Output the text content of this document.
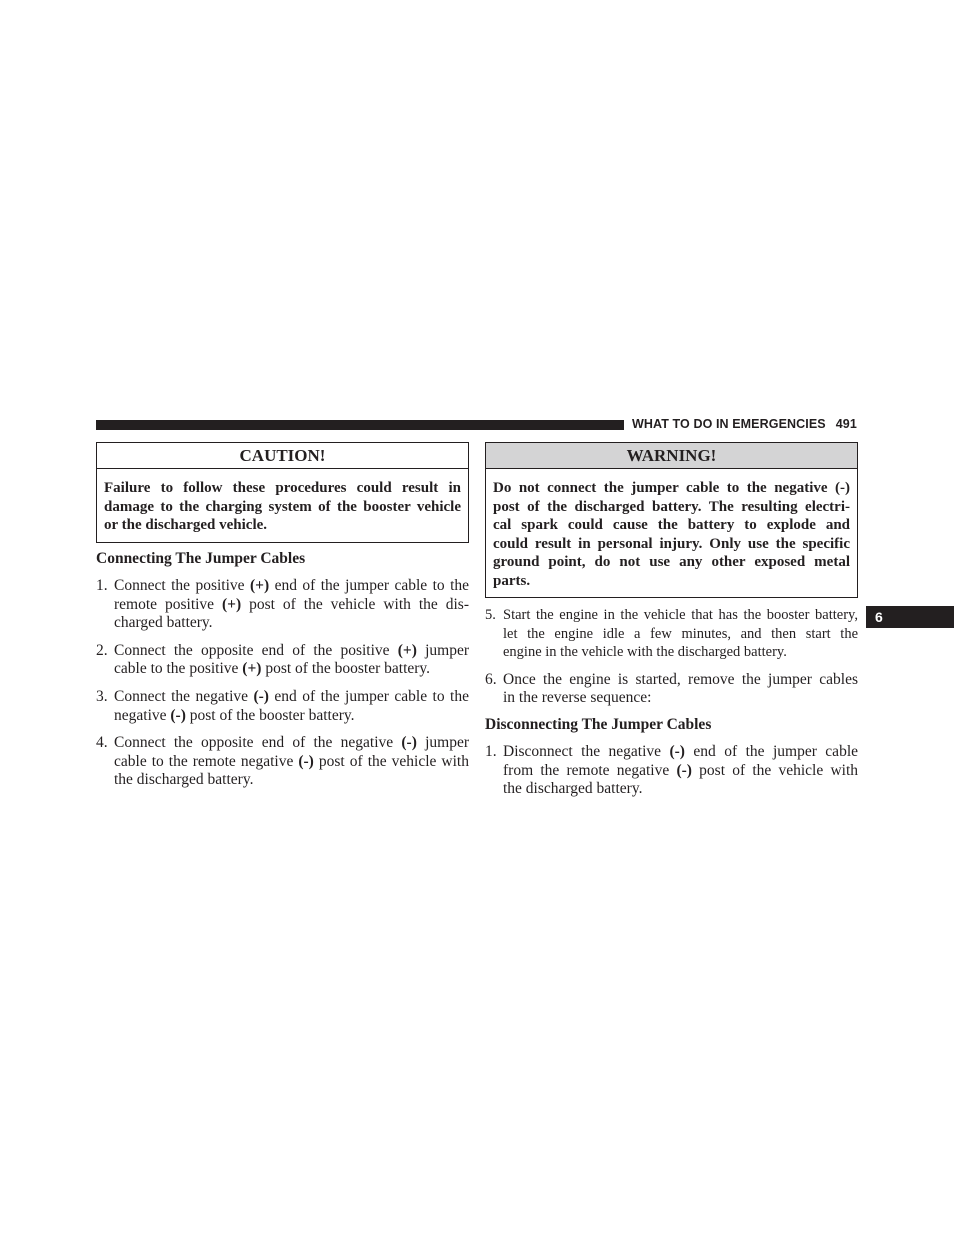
WHAT TO DO IN EMERGENCIES 491
6
CAUTION!
Failure to follow these procedures could result in
damage to the charging system of the booster vehicle
or the discharged vehicle.
Connecting The Jumper Cables
1. Connect the positive (+) end of the jumper cable to the
remote positive (+) post of the vehicle with the dis-
charged battery.
2. Connect the opposite end of the positive (+) jumper
cable to the positive (+) post of the booster battery.
3. Connect the negative (-) end of the jumper cable to the
negative (-) post of the booster battery.
4. Connect the opposite end of the negative (-) jumper
cable to the remote negative (-) post of the vehicle with
the discharged battery.
WARNING!
Do not connect the jumper cable to the negative (-)
post of the discharged battery. The resulting electri-
cal spark could cause the battery to explode and
could result in personal injury. Only use the specific
ground point, do not use any other exposed metal
parts.
5. Start the engine in the vehicle that has the booster battery,
let the engine idle a few minutes, and then start the
engine in the vehicle with the discharged battery.
6. Once the engine is started, remove the jumper cables
in the reverse sequence:
Disconnecting The Jumper Cables
1. Disconnect the negative (-) end of the jumper cable
from the remote negative (-) post of the vehicle with
the discharged battery.
